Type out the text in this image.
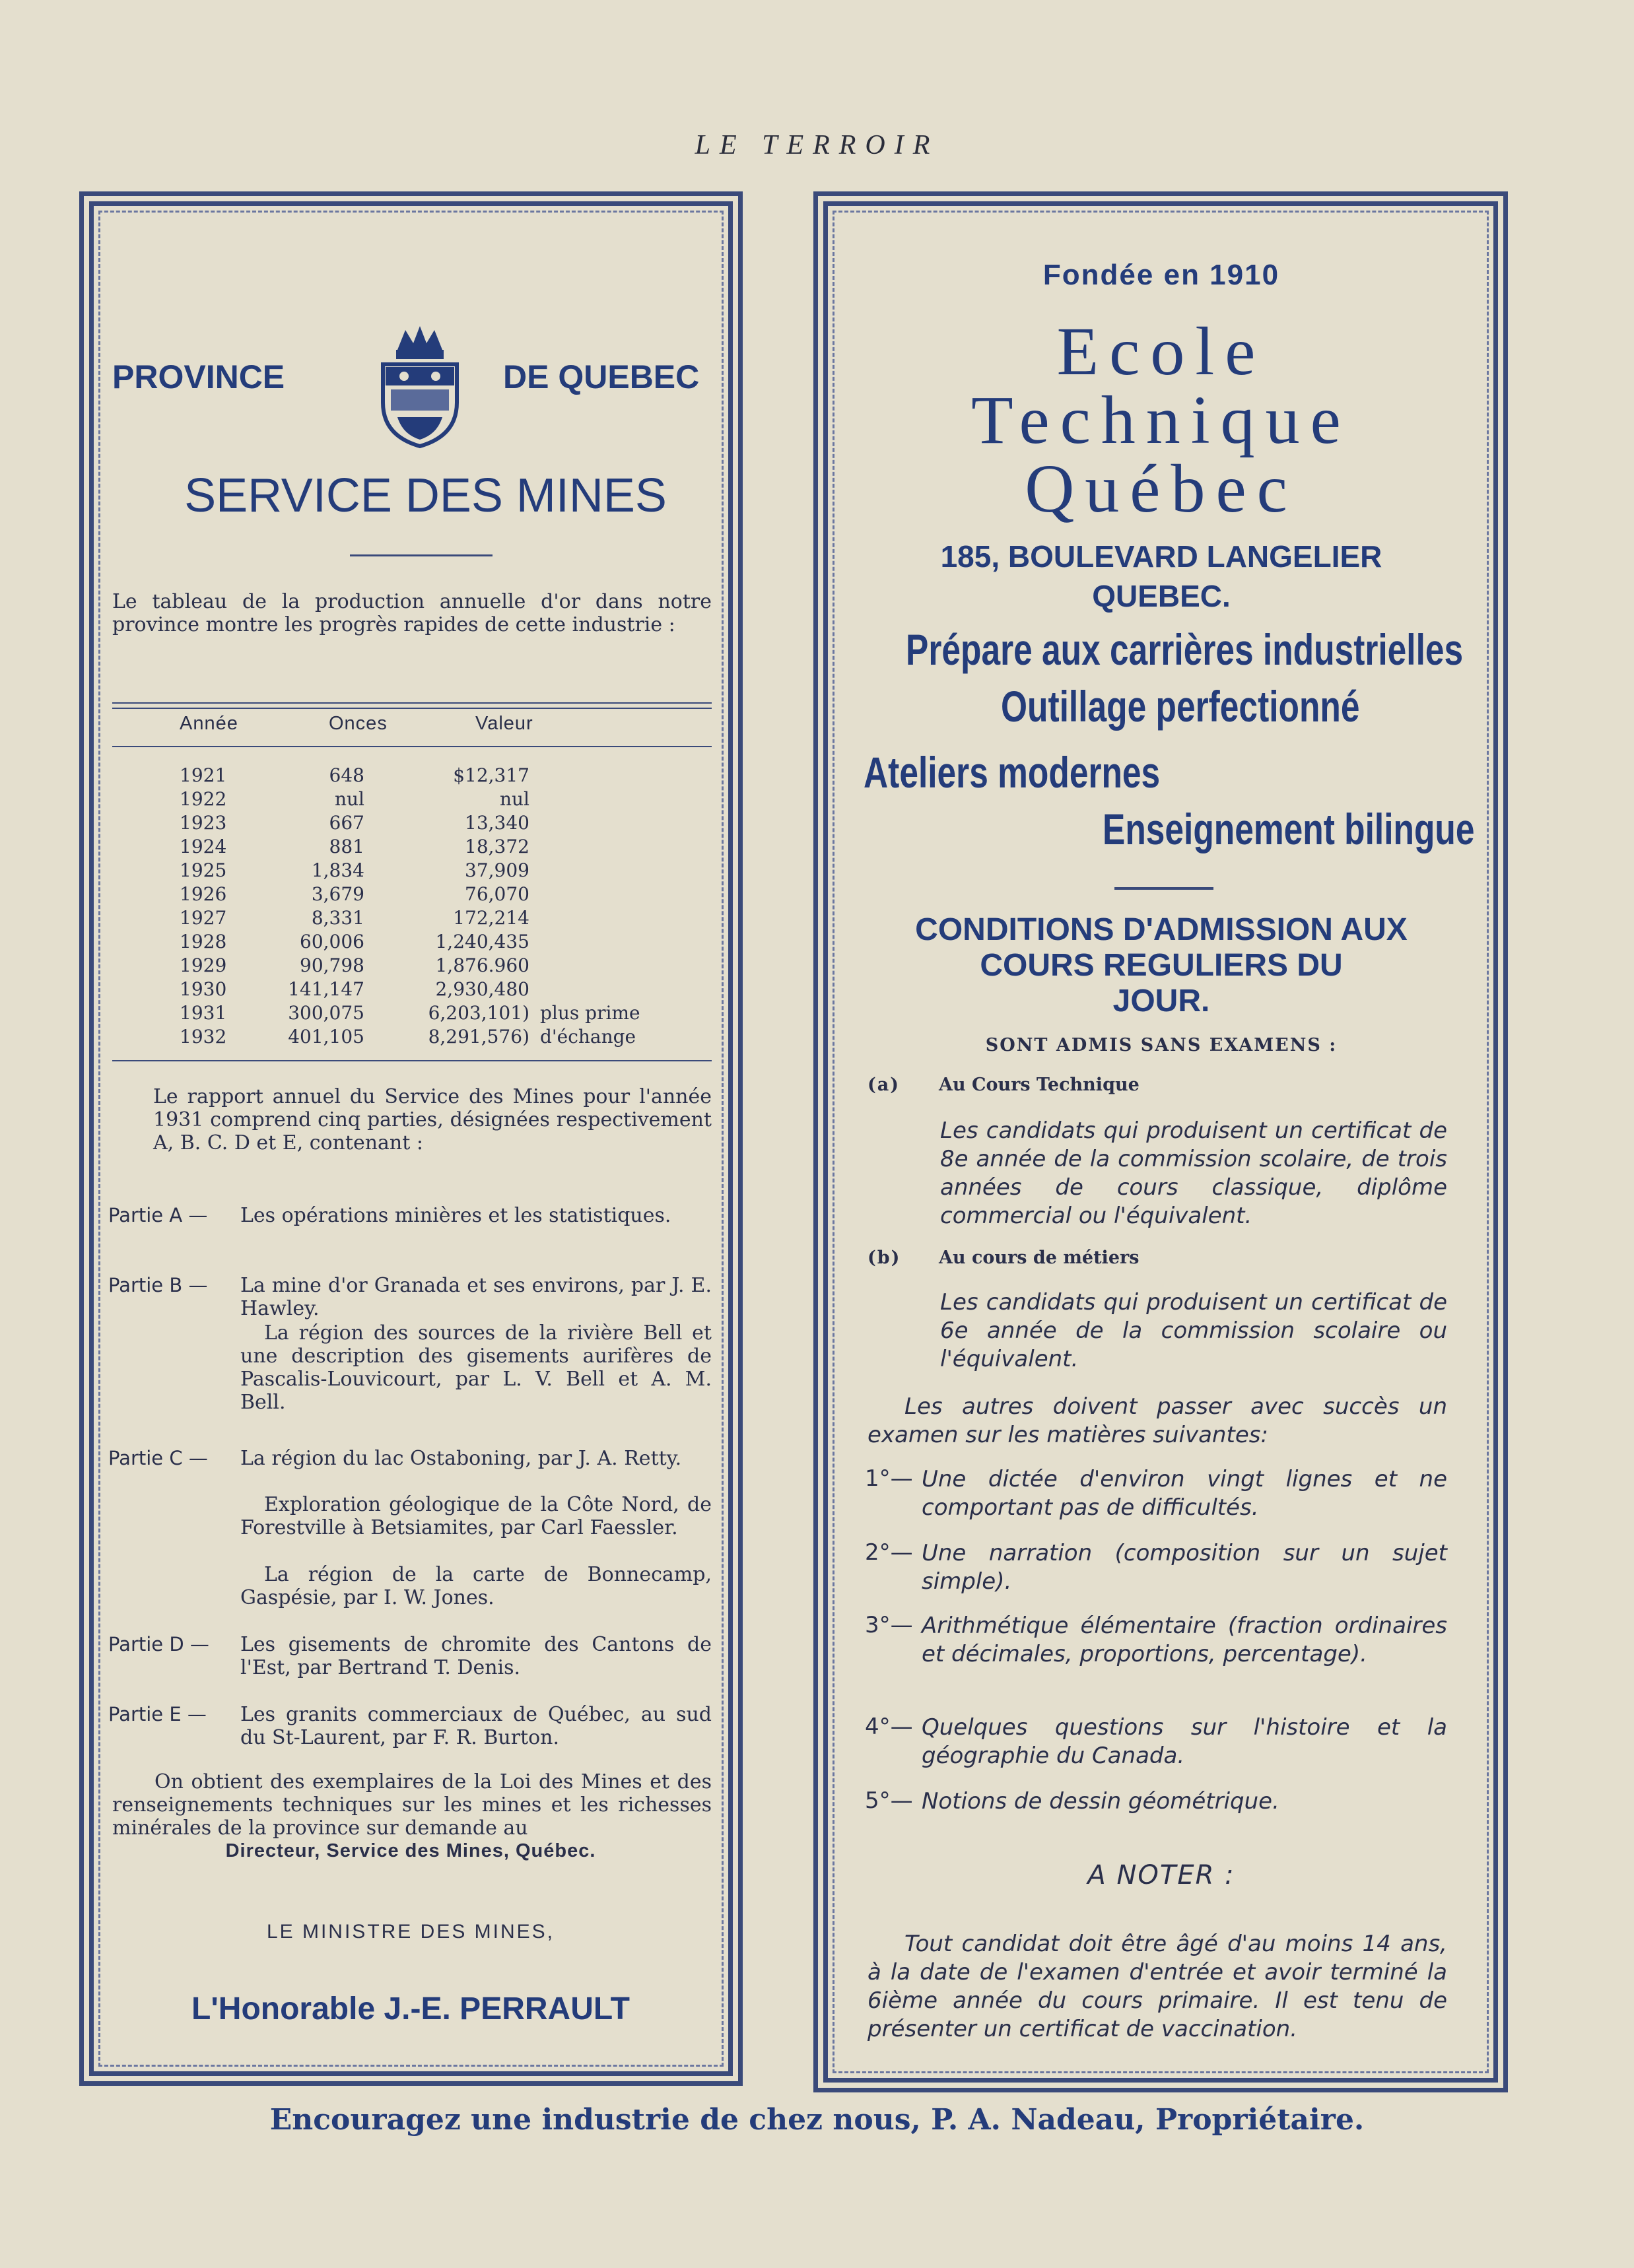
LE TERROIR
PROVINCE	DE QUEBEC
SERVICE DES MINES
Le tableau de la production annuelle d'or dans notre province montre les progrès rapides de cette industrie :
Année	Onces	Valeur
1921	648	$12,317
1922	nul	nul
1923	667	13,340
1924	881	18,372
1925	1,834	37,909
1926	3,679	76,070
1927	8,331	172,214
1928	60,006	1,240,435
1929	90,798	1,876.960
1930	141,147	2,930,480
1931	300,075	6,203,101) plus prime
1932	401,105	8,291,576) d'échange
Le rapport annuel du Service des Mines pour l'année 1931 comprend cinq parties, désignées respectivement A, B. C. D et E, contenant :
Partie A — Les opérations minières et les statistiques.
Partie B — La mine d'or Granada et ses environs, par J. E. Hawley.
La région des sources de la rivière Bell et une description des gisements aurifères de Pascalis-Louvicourt, par L. V. Bell et A. M. Bell.
Partie C — La région du lac Ostaboning, par J. A. Retty.
Exploration géologique de la Côte Nord, de Forestville à Betsiamites, par Carl Faessler.
La région de la carte de Bonnecamp, Gaspésie, par I. W. Jones.
Partie D — Les gisements de chromite des Cantons de l'Est, par Bertrand T. Denis.
Partie E — Les granits commerciaux de Québec, au sud du St-Laurent, par F. R. Burton.
On obtient des exemplaires de la Loi des Mines et des renseignements techniques sur les mines et les richesses minérales de la province sur demande au
Directeur, Service des Mines, Québec.
LE MINISTRE DES MINES,
L'Honorable J.-E. PERRAULT
Fondée en 1910
Ecole
Technique
Québec
185, BOULEVARD LANGELIER
QUEBEC.
Prépare aux carrières industrielles
Outillage perfectionné
Ateliers modernes
Enseignement bilingue
CONDITIONS D'ADMISSION AUX
COURS REGULIERS DU
JOUR.
SONT ADMIS SANS EXAMENS :
(a) Au Cours Technique
Les candidats qui produisent un certificat de 8e année de la commission scolaire, de trois années de cours classique, diplôme commercial ou l'équivalent.
(b) Au cours de métiers
Les candidats qui produisent un certificat de 6e année de la commission scolaire ou l'équivalent.
Les autres doivent passer avec succès un examen sur les matières suivantes:
1°— Une dictée d'environ vingt lignes et ne comportant pas de difficultés.
2°— Une narration (composition sur un sujet simple).
3°— Arithmétique élémentaire (fraction ordinaires et décimales, proportions, percentage).
4°— Quelques questions sur l'histoire et la géographie du Canada.
5°— Notions de dessin géométrique.
A NOTER :
Tout candidat doit être âgé d'au moins 14 ans, à la date de l'examen d'entrée et avoir terminé la 6ième année du cours primaire. Il est tenu de présenter un certificat de vaccination.
Encouragez une industrie de chez nous, P. A. Nadeau, Propriétaire.
